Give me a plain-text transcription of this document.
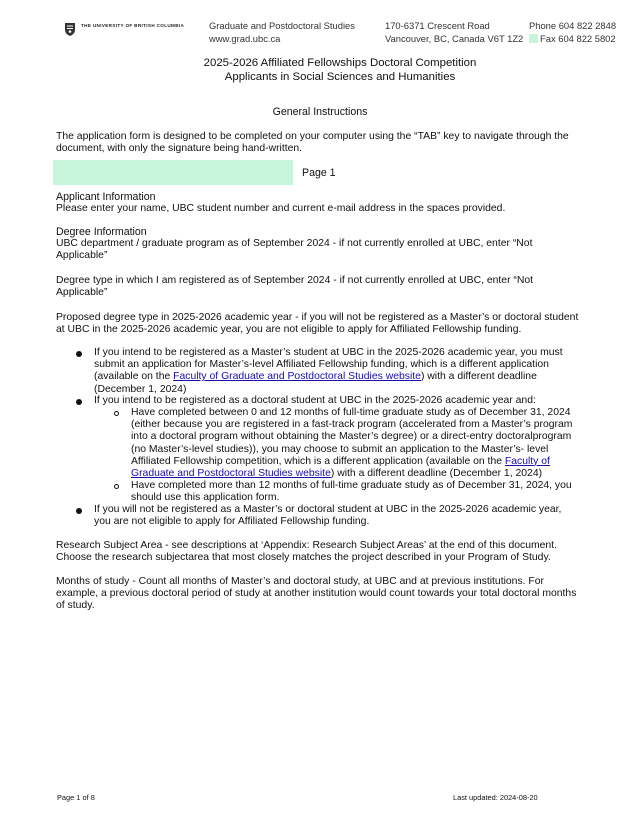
THE UNIVERSITY OF BRITISH COLUMBIA	Graduate and Postdoctoral Studies
www.grad.ubc.ca
170-6371 Crescent Road
Vancouver, BC, Canada V6T 1Z2
Phone 604 822 2848
Fax 604 822 5802
2025-2026 Affiliated Fellowships Doctoral Competition
Applicants in Social Sciences and Humanities
General Instructions
The application form is designed to be completed on your computer using the “TAB” key to navigate through the document, with only the signature being hand-written.
Page 1
Applicant Information
Please enter your name, UBC student number and current e-mail address in the spaces provided.
Degree Information
UBC department / graduate program as of September 2024 - if not currently enrolled at UBC, enter “Not Applicable”
Degree type in which I am registered as of September 2024 - if not currently enrolled at UBC, enter “Not Applicable”
Proposed degree type in 2025-2026 academic year - if you will not be registered as a Master’s or doctoral student at UBC in the 2025-2026 academic year, you are not eligible to apply for Affiliated Fellowship funding.
If you intend to be registered as a Master’s student at UBC in the 2025-2026 academic year, you must submit an application for Master’s-level Affiliated Fellowship funding, which is a different application (available on the Faculty of Graduate and Postdoctoral Studies website) with a different deadline (December 1, 2024)
If you intend to be registered as a doctoral student at UBC in the 2025-2026 academic year and:
Have completed between 0 and 12 months of full-time graduate study as of December 31, 2024 (either because you are registered in a fast-track program (accelerated from a Master’s program into a doctoral program without obtaining the Master’s degree) or a direct-entry doctoralprogram (no Master’s-level studies)), you may choose to submit an application to the Master’s- level Affiliated Fellowship competition, which is a different application (available on the Faculty of Graduate and Postdoctoral Studies website) with a different deadline (December 1, 2024)
Have completed more than 12 months of full-time graduate study as of December 31, 2024, you should use this application form.
If you will not be registered as a Master’s or doctoral student at UBC in the 2025-2026 academic year, you are not eligible to apply for Affiliated Fellowship funding.
Research Subject Area - see descriptions at ‘Appendix: Research Subject Areas’ at the end of this document. Choose the research subjectarea that most closely matches the project described in your Program of Study.
Months of study - Count all months of Master’s and doctoral study, at UBC and at previous institutions. For example, a previous doctoral period of study at another institution would count towards your total doctoral months of study.
Page 1 of 8	Last updated: 2024-08-20
